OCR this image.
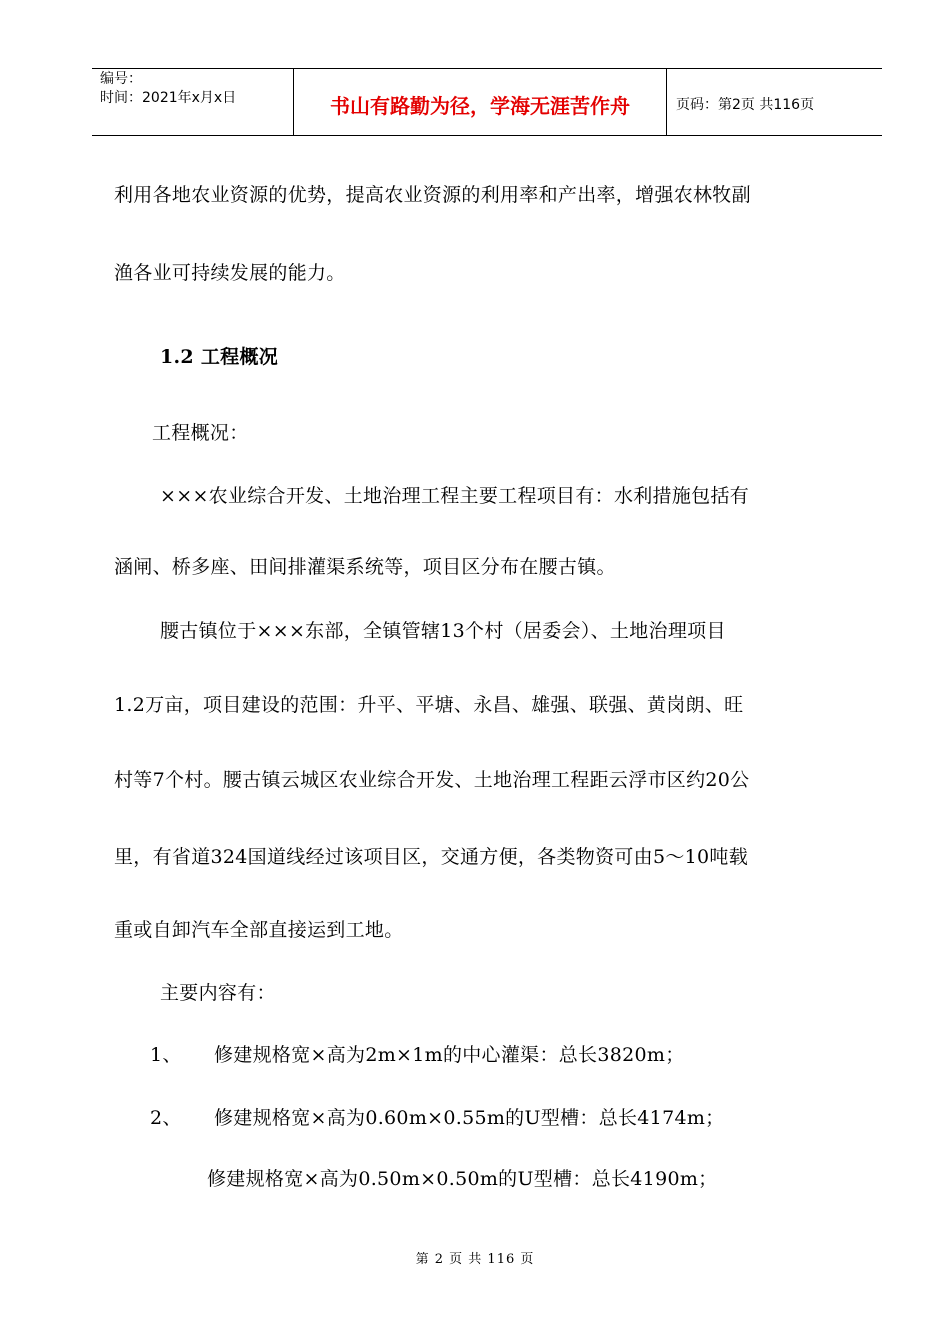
编号：
时间：2021年x月x日	书山有路勤为径，学海无涯苦作舟	页码：第2页 共116页
利用各地农业资源的优势，提高农业资源的利用率和产出率，增强农林牧副
渔各业可持续发展的能力。
1.2 工程概况
工程概况：
×××农业综合开发、土地治理工程主要工程项目有：水利措施包括有
涵闸、桥多座、田间排灌渠系统等，项目区分布在腰古镇。
腰古镇位于×××东部，全镇管辖13个村（居委会）、土地治理项目
1.2万亩，项目建设的范围：升平、平塘、永昌、雄强、联强、黄岗朗、旺
村等7个村。腰古镇云城区农业综合开发、土地治理工程距云浮市区约20公
里，有省道324国道线经过该项目区，交通方便，各类物资可由5～10吨载
重或自卸汽车全部直接运到工地。
主要内容有：
1、 修建规格宽×高为2m×1m的中心灌渠：总长3820m；
2、 修建规格宽×高为0.60m×0.55m的U型槽：总长4174m；
修建规格宽×高为0.50m×0.50m的U型槽：总长4190m；
第 2 页 共 116 页
